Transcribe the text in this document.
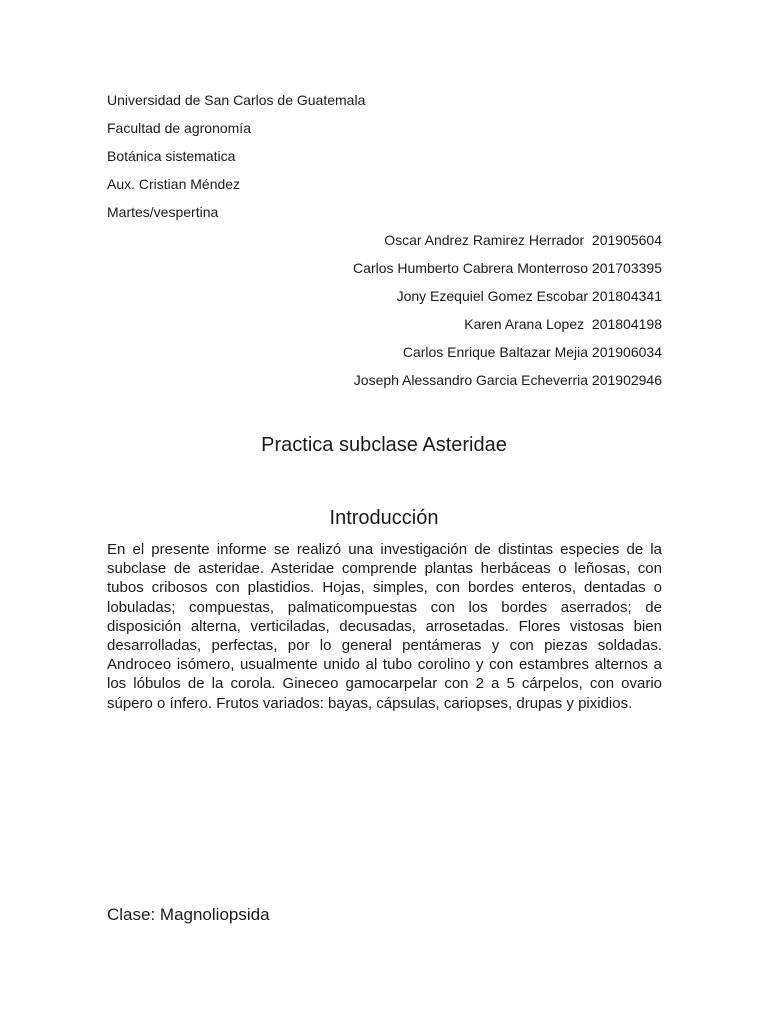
Universidad de San Carlos de Guatemala
Facultad de agronomía
Botánica sistematica
Aux. Cristian Méndez
Martes/vespertina
Oscar Andrez Ramirez Herrador  201905604
Carlos Humberto Cabrera Monterroso 201703395
Jony Ezequiel Gomez Escobar 201804341
Karen Arana Lopez  201804198
Carlos Enrique Baltazar Mejia 201906034
Joseph Alessandro Garcia Echeverria 201902946
Practica subclase Asteridae
Introducción
En el presente informe se realizó una investigación de distintas especies de la subclase de asteridae. Asteridae comprende plantas herbáceas o leñosas, con tubos cribosos con plastidios. Hojas, simples, con bordes enteros, dentadas o lobuladas; compuestas, palmaticompuestas con los bordes aserrados; de disposición alterna, verticiladas, decusadas, arrosetadas. Flores vistosas bien desarrolladas, perfectas, por lo general pentámeras y con piezas soldadas. Androceo isómero, usualmente unido al tubo corolino y con estambres alternos a los lóbulos de la corola. Gineceo gamocarpelar con 2 a 5 cárpelos, con ovario súpero o ínfero. Frutos variados: bayas, cápsulas, cariopses, drupas y pixidios.
Clase: Magnoliopsida
